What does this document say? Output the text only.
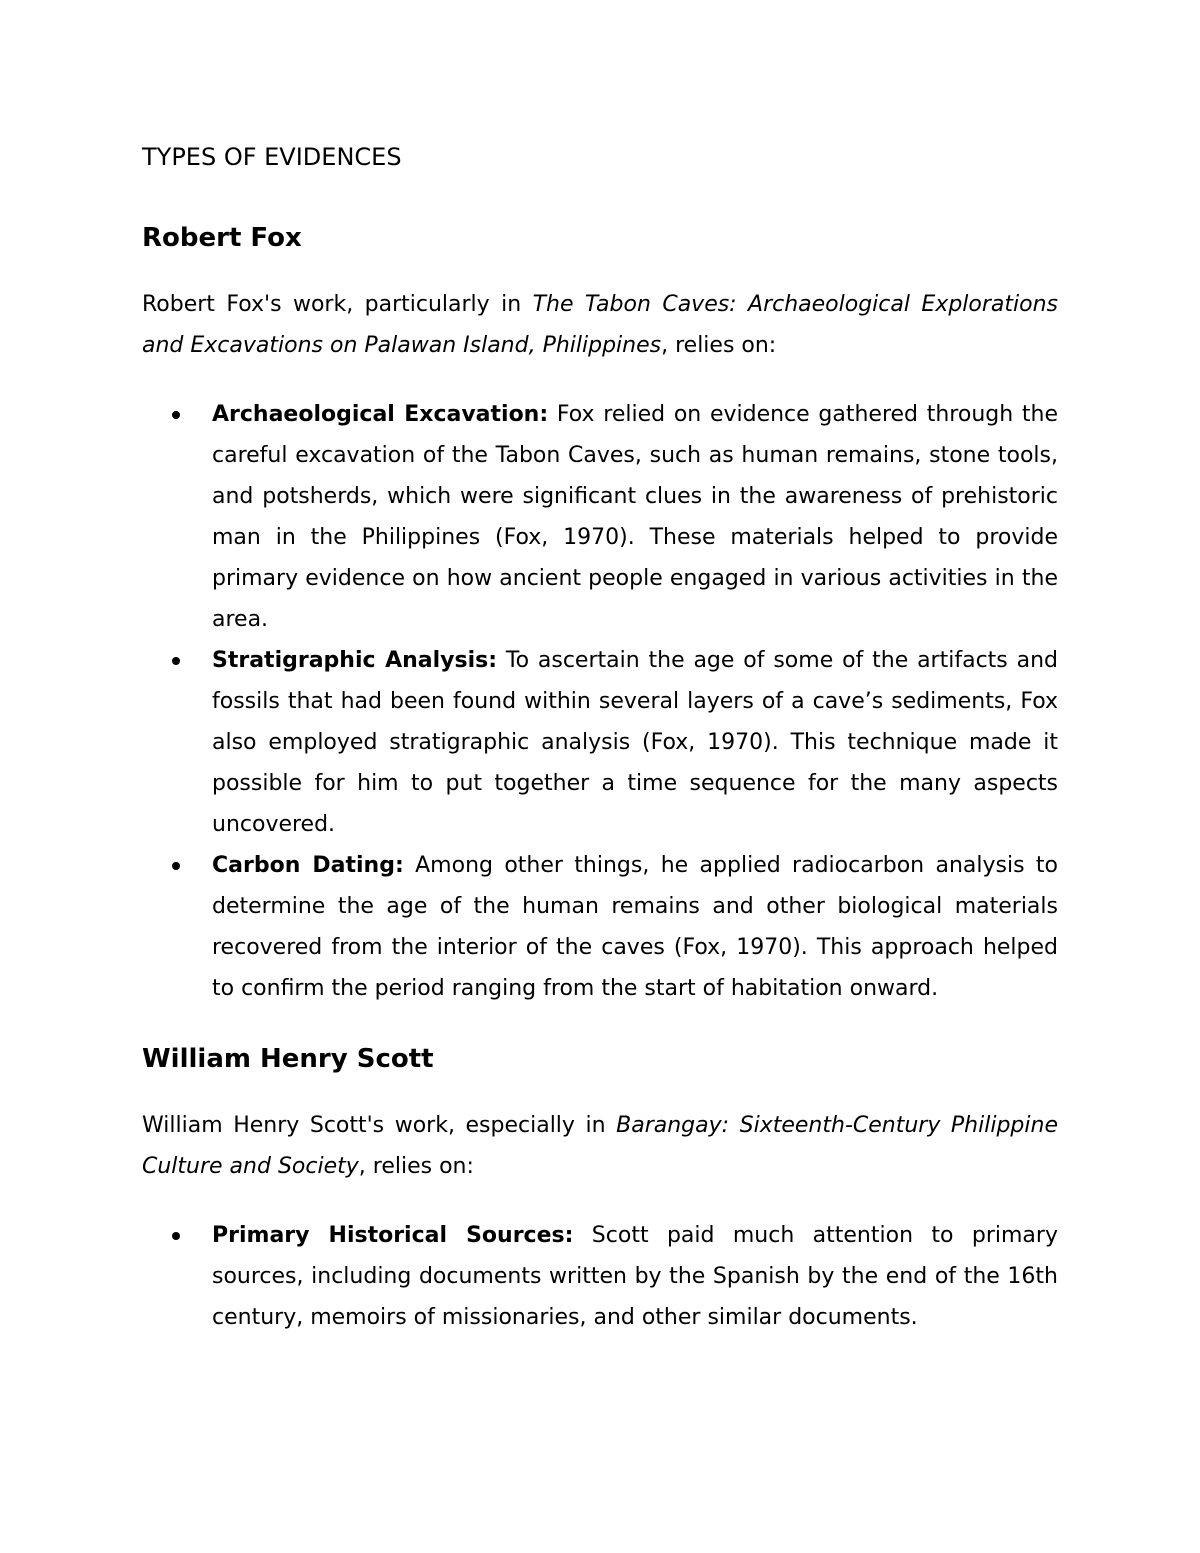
TYPES OF EVIDENCES
Robert Fox

Robert Fox's work, particularly in The Tabon Caves: Archaeological Explorations and Excavations on Palawan Island, Philippines, relies on:

Archaeological Excavation: Fox relied on evidence gathered through the careful excavation of the Tabon Caves, such as human remains, stone tools, and potsherds, which were significant clues in the awareness of prehistoric man in the Philippines (Fox, 1970). These materials helped to provide primary evidence on how ancient people engaged in various activities in the area.
Stratigraphic Analysis: To ascertain the age of some of the artifacts and fossils that had been found within several layers of a cave’s sediments, Fox also employed stratigraphic analysis (Fox, 1970). This technique made it possible for him to put together a time sequence for the many aspects uncovered.
Carbon Dating: Among other things, he applied radiocarbon analysis to determine the age of the human remains and other biological materials recovered from the interior of the caves (Fox, 1970). This approach helped to confirm the period ranging from the start of habitation onward.
William Henry Scott

William Henry Scott's work, especially in Barangay: Sixteenth-Century Philippine Culture and Society, relies on:

Primary Historical Sources: Scott paid much attention to primary sources, including documents written by the Spanish by the end of the 16th century, memoirs of missionaries, and other similar documents.
